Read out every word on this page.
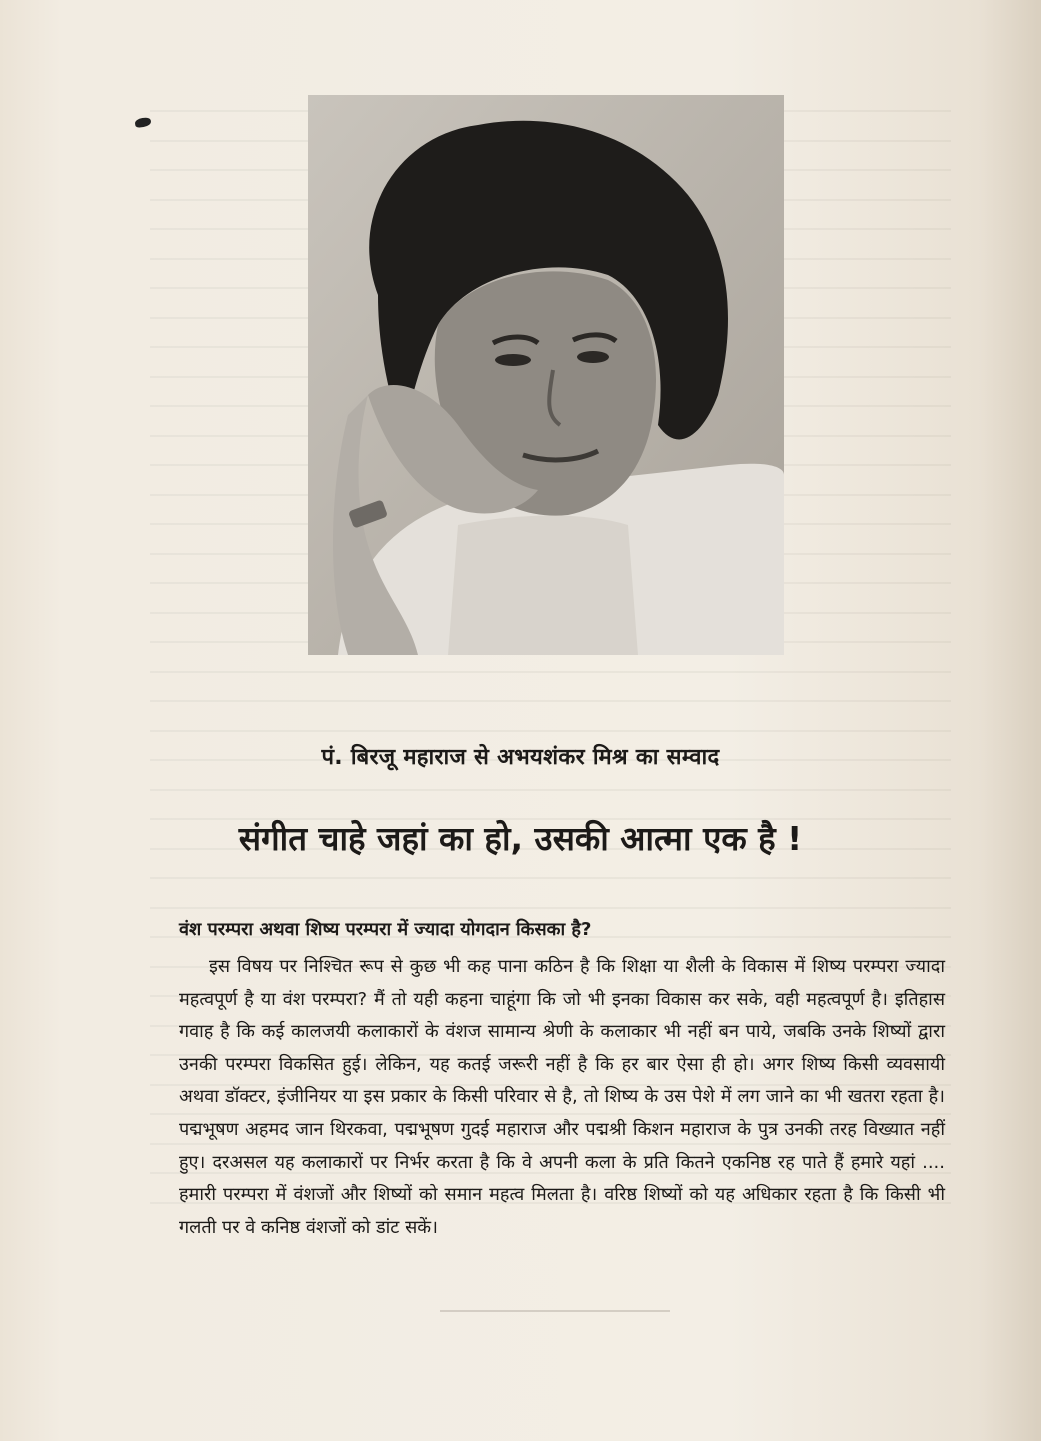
पं. बिरजू महाराज से अभयशंकर मिश्र का सम्वाद
संगीत चाहे जहां का हो, उसकी आत्मा एक है !
वंश परम्परा अथवा शिष्य परम्परा में ज्यादा योगदान किसका है?
इस विषय पर निश्चित रूप से कुछ भी कह पाना कठिन है कि शिक्षा या शैली के विकास में शिष्य परम्परा ज्यादा महत्वपूर्ण है या वंश परम्परा? मैं तो यही कहना चाहूंगा कि जो भी इनका विकास कर सके, वही महत्वपूर्ण है। इतिहास गवाह है कि कई कालजयी कलाकारों के वंशज सामान्य श्रेणी के कलाकार भी नहीं बन पाये, जबकि उनके शिष्यों द्वारा उनकी परम्परा विकसित हुई। लेकिन, यह कतई जरूरी नहीं है कि हर बार ऐसा ही हो। अगर शिष्य किसी व्यवसायी अथवा डॉक्टर, इंजीनियर या इस प्रकार के किसी परिवार से है, तो शिष्य के उस पेशे में लग जाने का भी खतरा रहता है। पद्मभूषण अहमद जान थिरकवा, पद्मभूषण गुदई महाराज और पद्मश्री किशन महाराज के पुत्र उनकी तरह विख्यात नहीं हुए। दरअसल यह कलाकारों पर निर्भर करता है कि वे अपनी कला के प्रति कितने एकनिष्ठ रह पाते हैं हमारे यहां .... हमारी परम्परा में वंशजों और शिष्यों को समान महत्व मिलता है। वरिष्ठ शिष्यों को यह अधिकार रहता है कि किसी भी गलती पर वे कनिष्ठ वंशजों को डांट सकें।
